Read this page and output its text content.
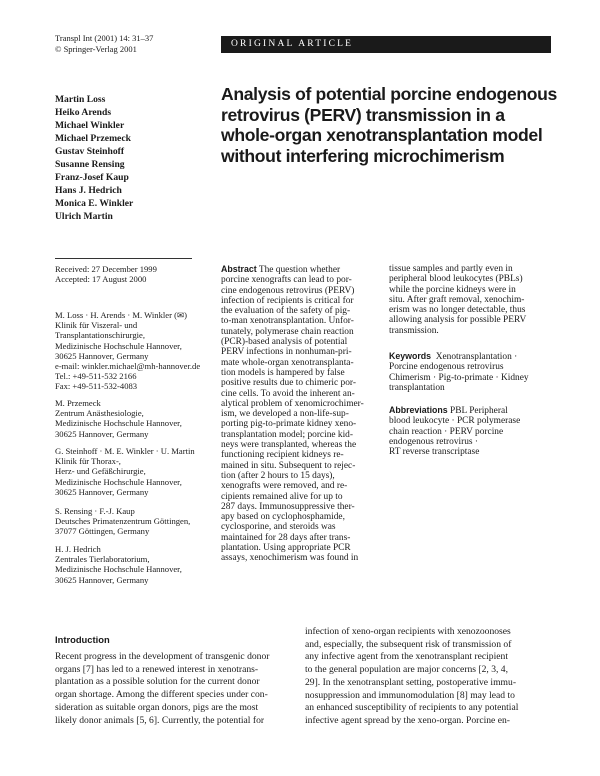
Transpl Int (2001) 14: 31–37
© Springer-Verlag 2001	ORIGINAL ARTICLE
Martin Loss
Heiko Arends
Michael Winkler
Michael Przemeck
Gustav Steinhoff
Susanne Rensing
Franz-Josef Kaup
Hans J. Hedrich
Monica E. Winkler
Ulrich Martin
Analysis of potential porcine endogenous retrovirus (PERV) transmission in a whole-organ xenotransplantation model without interfering microchimerism
Received: 27 December 1999
Accepted: 17 August 2000
M. Loss · H. Arends · M. Winkler (✉)
Klinik für Viszeral- und
Transplantationschirurgie,
Medizinische Hochschule Hannover,
30625 Hannover, Germany
e-mail: winkler.michael@mh-hannover.de
Tel.: +49-511-532 2166
Fax: +49-511-532-4083
M. Przemeck
Zentrum Anästhesiologie,
Medizinische Hochschule Hannover,
30625 Hannover, Germany
G. Steinhoff · M. E. Winkler · U. Martin
Klinik für Thorax-,
Herz- und Gefäßchirurgie,
Medizinische Hochschule Hannover,
30625 Hannover, Germany
S. Rensing · F.-J. Kaup
Deutsches Primatenzentrum Göttingen,
37077 Göttingen, Germany
H. J. Hedrich
Zentrales Tierlaboratorium,
Medizinische Hochschule Hannover,
30625 Hannover, Germany
Abstract The question whether
porcine xenografts can lead to por-
cine endogenous retrovirus (PERV)
infection of recipients is critical for
the evaluation of the safety of pig-
to-man xenotransplantation. Unfor-
tunately, polymerase chain reaction
(PCR)-based analysis of potential
PERV infections in nonhuman-pri-
mate whole-organ xenotransplanta-
tion models is hampered by false
positive results due to chimeric por-
cine cells. To avoid the inherent an-
alytical problem of xenomicrochimer-
ism, we developed a non-life-sup-
porting pig-to-primate kidney xeno-
transplantation model; porcine kid-
neys were transplanted, whereas the
functioning recipient kidneys re-
mained in situ. Subsequent to rejec-
tion (after 2 hours to 15 days),
xenografts were removed, and re-
cipients remained alive for up to
287 days. Immunosuppressive ther-
apy based on cyclophosphamide,
cyclosporine, and steroids was
maintained for 28 days after trans-
plantation. Using appropriate PCR
assays, xenochimerism was found in
tissue samples and partly even in
peripheral blood leukocytes (PBLs)
while the porcine kidneys were in
situ. After graft removal, xenochim-
erism was no longer detectable, thus
allowing analysis for possible PERV
transmission.
Keywords Xenotransplantation ·
Porcine endogenous retrovirus
Chimerism · Pig-to-primate · Kidney
transplantation
Abbreviations PBL Peripheral
blood leukocyte · PCR polymerase
chain reaction · PERV porcine
endogenous retrovirus ·
RT reverse transcriptase
Introduction
Recent progress in the development of transgenic donor
organs [7] has led to a renewed interest in xenotrans-
plantation as a possible solution for the current donor
organ shortage. Among the different species under con-
sideration as suitable organ donors, pigs are the most
likely donor animals [5, 6]. Currently, the potential for
infection of xeno-organ recipients with xenozoonoses
and, especially, the subsequent risk of transmission of
any infective agent from the xenotransplant recipient
to the general population are major concerns [2, 3, 4,
29]. In the xenotransplant setting, postoperative immu-
nosuppression and immunomodulation [8] may lead to
an enhanced susceptibility of recipients to any potential
infective agent spread by the xeno-organ. Porcine en-
